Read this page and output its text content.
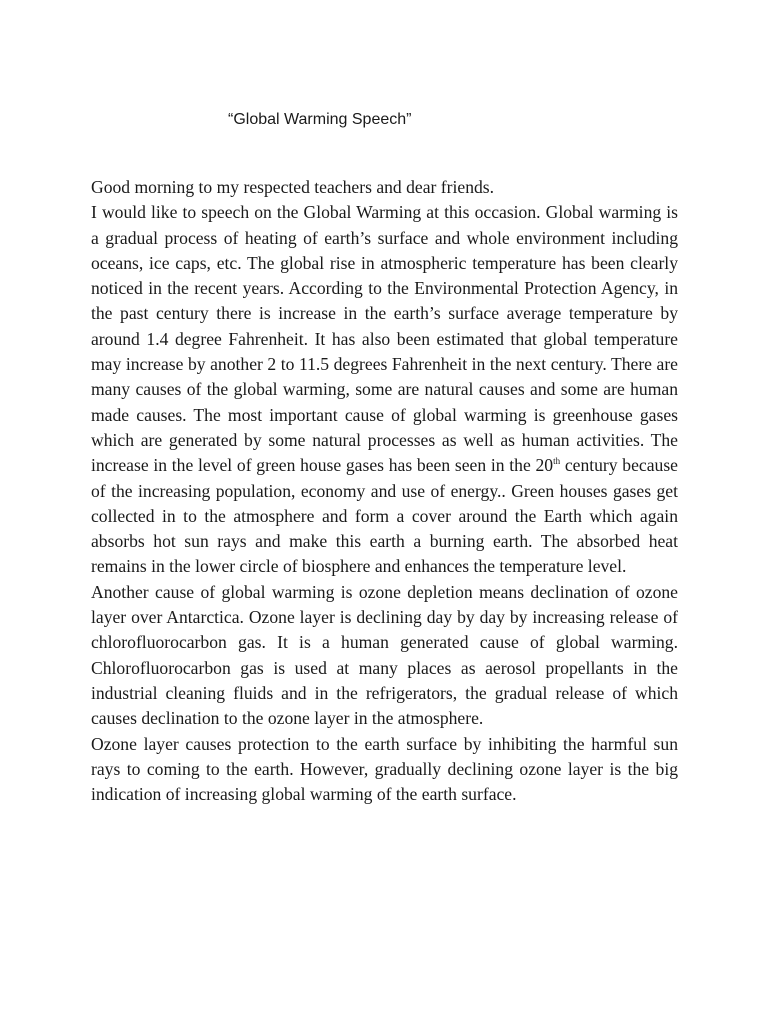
“Global Warming Speech”

Good morning to my respected teachers and dear friends.

I would like to speech on the Global Warming at this occasion. Global warming is a gradual process of heating of earth’s surface and whole environment including oceans, ice caps, etc. The global rise in atmospheric temperature has been clearly noticed in the recent years. According to the Environmental Protection Agency, in the past century there is increase in the earth’s surface average temperature by around 1.4 degree Fahrenheit. It has also been estimated that global temperature may increase by another 2 to 11.5 degrees Fahrenheit in the next century. There are many causes of the global warming, some are natural causes and some are human made causes. The most important cause of global warming is greenhouse gases which are generated by some natural processes as well as human activities. The increase in the level of green house gases has been seen in the 20th century because of the increasing population, economy and use of energy.. Green houses gases get collected in to the atmosphere and form a cover around the Earth which again absorbs hot sun rays and make this earth a burning earth. The absorbed heat remains in the lower circle of biosphere and enhances the temperature level.

Another cause of global warming is ozone depletion means declination of ozone layer over Antarctica. Ozone layer is declining day by day by increasing release of chlorofluorocarbon gas. It is a human generated cause of global warming. Chlorofluorocarbon gas is used at many places as aerosol propellants in the industrial cleaning fluids and in the refrigerators, the gradual release of which causes declination to the ozone layer in the atmosphere.

Ozone layer causes protection to the earth surface by inhibiting the harmful sun rays to coming to the earth. However, gradually declining ozone layer is the big indication of increasing global warming of the earth surface.
